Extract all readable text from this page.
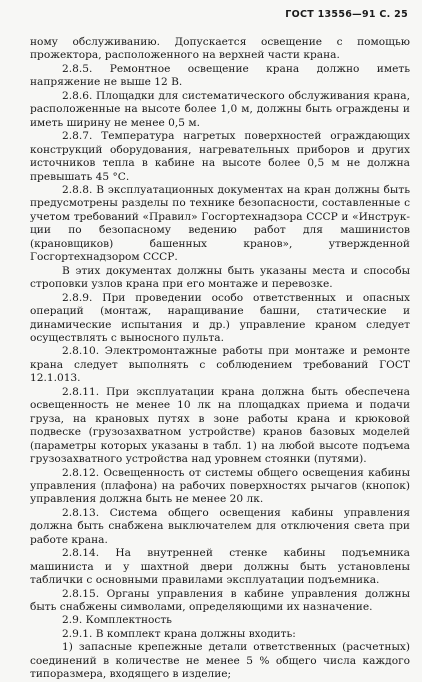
ГОСТ 13556—91 С. 25

ному обслуживанию. Допускается освещение с помощью прожектора, расположенного на верхней части крана.

2.8.5. Ремонтное освещение крана должно иметь напряжение не выше 12 В.

2.8.6. Площадки для систематического обслуживания крана, расположенные на высоте более 1,0 м, должны быть ограждены и иметь ширину не менее 0,5 м.

2.8.7. Температура нагретых поверхностей ограждающих конструкций оборудования, нагревательных приборов и других источников тепла в кабине на высоте более 0,5 м не должна превышать 45 °С.

2.8.8. В эксплуатационных документах на кран должны быть предусмотрены разделы по технике безопасности, составленные с учетом требований «Правил» Госгортехнадзора СССР и «Инструкции по безопасному ведению работ для машинистов (крановщиков) башенных кранов», утвержденной Госгортехнадзором СССР.

В этих документах должны быть указаны места и способы строповки узлов крана при его монтаже и перевозке.

2.8.9. При проведении особо ответственных и опасных операций (монтаж, наращивание башни, статические и динамические испытания и др.) управление краном следует осуществлять с выносного пульта.

2.8.10. Электромонтажные работы при монтаже и ремонте крана следует выполнять с соблюдением требований ГОСТ 12.1.013.

2.8.11. При эксплуатации крана должна быть обеспечена освещенность не менее 10 лк на площадках приема и подачи груза, на крановых путях в зоне работы крана и крюковой подвеске (грузозахватном устройстве) кранов базовых моделей (параметры которых указаны в табл. 1) на любой высоте подъема грузозахватного устройства над уровнем стоянки (путями).

2.8.12. Освещенность от системы общего освещения кабины управления (плафона) на рабочих поверхностях рычагов (кнопок) управления должна быть не менее 20 лк.

2.8.13. Система общего освещения кабины управления должна быть снабжена выключателем для отключения света при работе крана.

2.8.14. На внутренней стенке кабины подъемника машиниста и у шахтной двери должны быть установлены таблички с основными правилами эксплуатации подъемника.

2.8.15. Органы управления в кабине управления должны быть снабжены символами, определяющими их назначение.

2.9. Комплектность

2.9.1. В комплект крана должны входить:

1) запасные крепежные детали ответственных (расчетных) соединений в количестве не менее 5 % общего числа каждого типоразмера, входящего в изделие;
